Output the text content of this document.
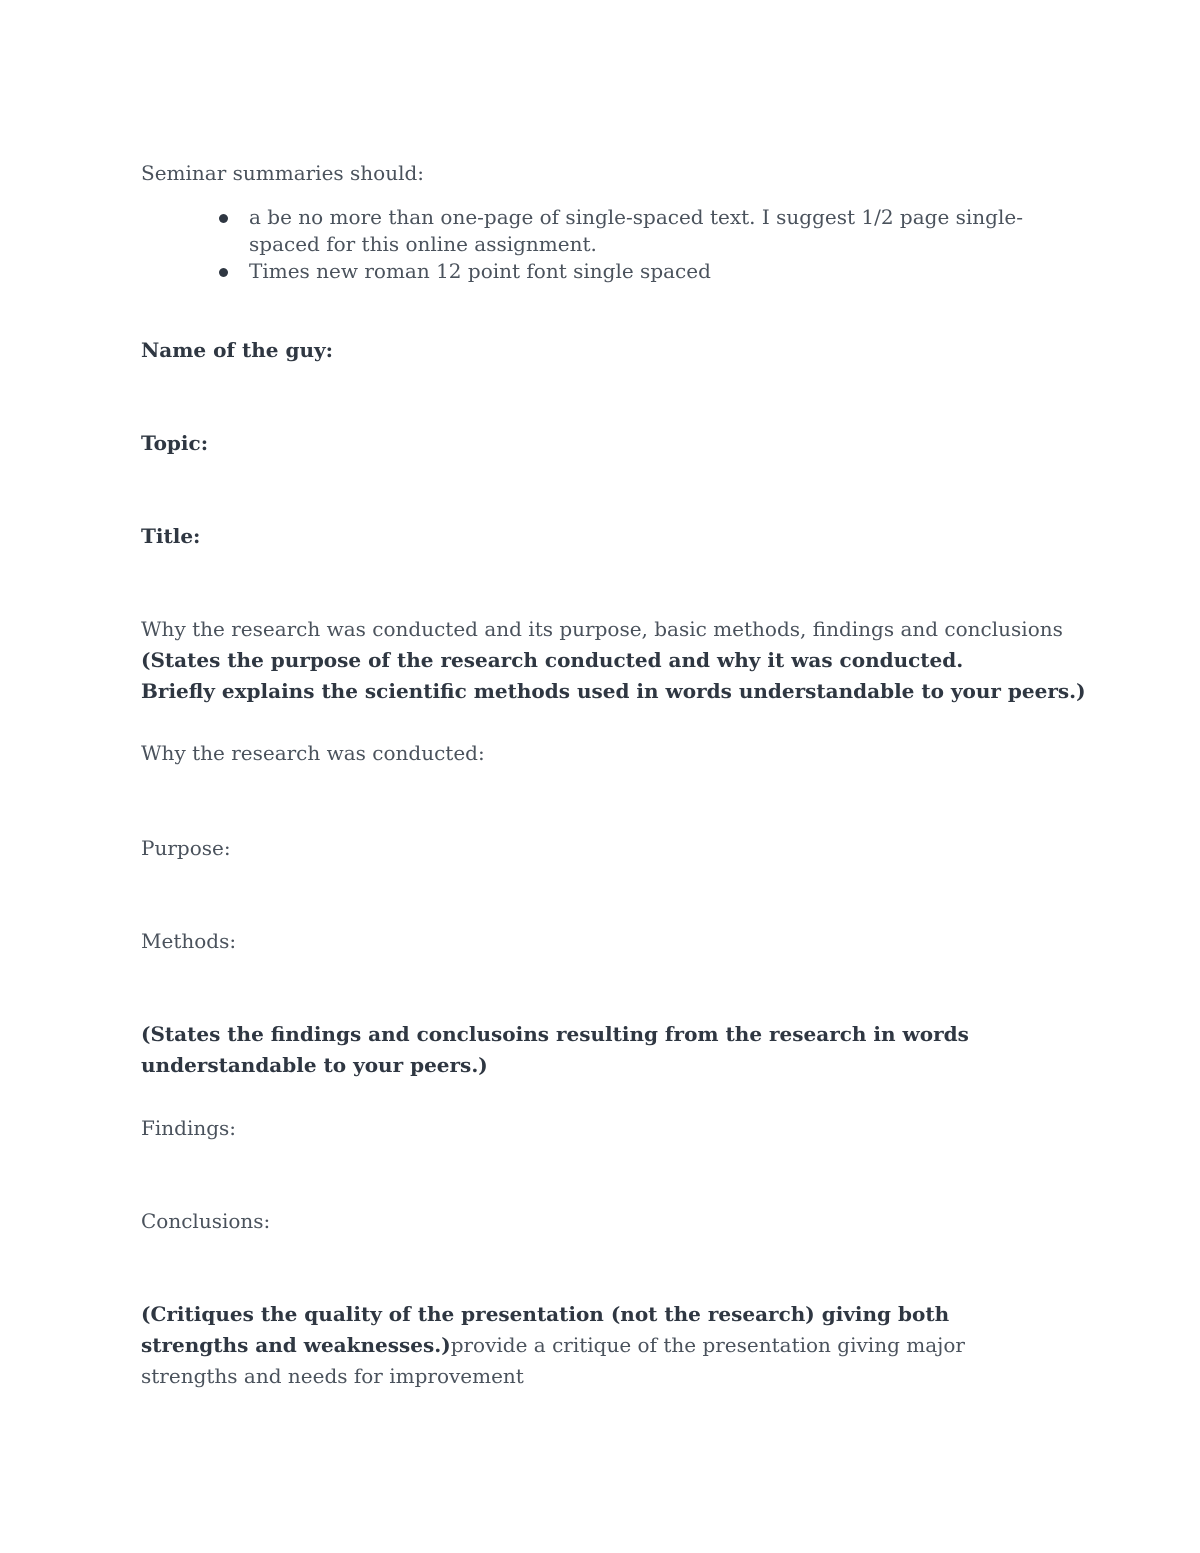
Seminar summaries should:
a be no more than one-page of single-spaced text. I suggest 1/2 page single-spaced for this online assignment.
Times new roman 12 point font single spaced
Name of the guy:
Topic:
Title:
Why the research was conducted and its purpose, basic methods, findings and conclusions
(States the purpose of the research conducted and why it was conducted.
Briefly explains the scientific methods used in words understandable to your peers.)
Why the research was conducted:
Purpose:
Methods:
(States the findings and conclusoins resulting from the research in words understandable to your peers.)
Findings:
Conclusions:
(Critiques the quality of the presentation (not the research) giving both strengths and weaknesses.)provide a critique of the presentation giving major strengths and needs for improvement
